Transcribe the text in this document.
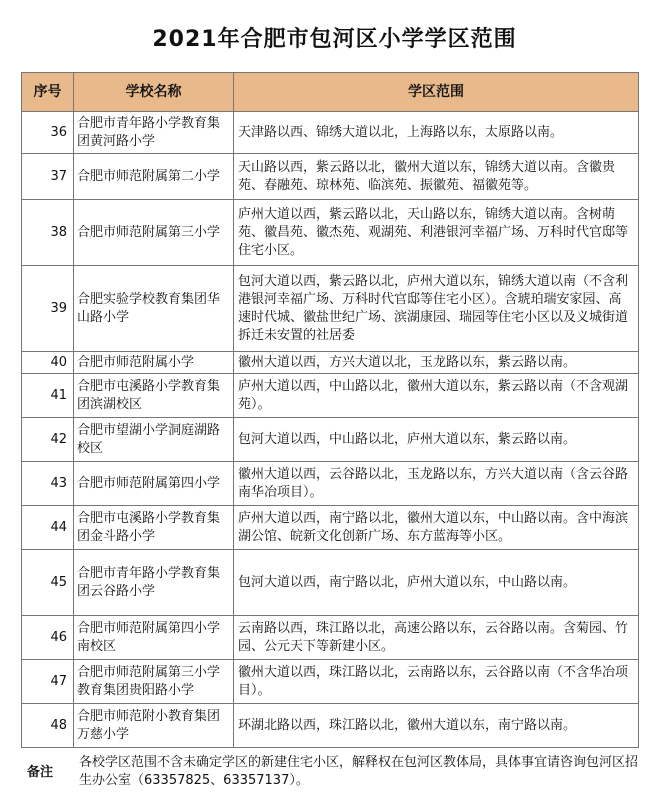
2021年合肥市包河区小学学区范围
序号	学校名称	学区范围
36	合肥市青年路小学教育集团黄河路小学	天津路以西、锦绣大道以北，上海路以东，太原路以南。
37	合肥市师范附属第二小学	天山路以西，紫云路以北，徽州大道以东，锦绣大道以南。含徽贵苑、春融苑、琼林苑、临滨苑、振徽苑、福徽苑等。
38	合肥市师范附属第三小学	庐州大道以西，紫云路以北，天山路以东，锦绣大道以南。含树萌苑、徽昌苑、徽杰苑、观湖苑、利港银河幸福广场、万科时代官邸等住宅小区。
39	合肥实验学校教育集团华山路小学	包河大道以西，紫云路以北，庐州大道以东，锦绣大道以南（不含利港银河幸福广场、万科时代官邸等住宅小区）。含琥珀瑞安家园、高速时代城、徽盐世纪广场、滨湖康园、瑞园等住宅小区以及义城街道拆迁未安置的社居委
40	合肥市师范附属小学	徽州大道以西，方兴大道以北，玉龙路以东，紫云路以南。
41	合肥市屯溪路小学教育集团滨湖校区	庐州大道以西，中山路以北，徽州大道以东，紫云路以南（不含观湖苑）。
42	合肥市望湖小学洞庭湖路校区	包河大道以西，中山路以北，庐州大道以东，紫云路以南。
43	合肥市师范附属第四小学	徽州大道以西，云谷路以北，玉龙路以东，方兴大道以南（含云谷路南华冶项目）。
44	合肥市屯溪路小学教育集团金斗路小学	庐州大道以西，南宁路以北，徽州大道以东，中山路以南。含中海滨湖公馆、皖新文化创新广场、东方蓝海等小区。
45	合肥市青年路小学教育集团云谷路小学	包河大道以西，南宁路以北，庐州大道以东，中山路以南。
46	合肥市师范附属第四小学南校区	云南路以西，珠江路以北，高速公路以东，云谷路以南。含菊园、竹园、公元天下等新建小区。
47	合肥市师范附属第三小学教育集团贵阳路小学	徽州大道以西，珠江路以北，云南路以东，云谷路以南（不含华冶项目）。
48	合肥市师范附小教育集团万慈小学	环湖北路以西，珠江路以北，徽州大道以东，南宁路以南。
备注
各校学区范围不含未确定学区的新建住宅小区，解释权在包河区教体局，具体事宜请咨询包河区招生办公室（63357825、63357137）。
